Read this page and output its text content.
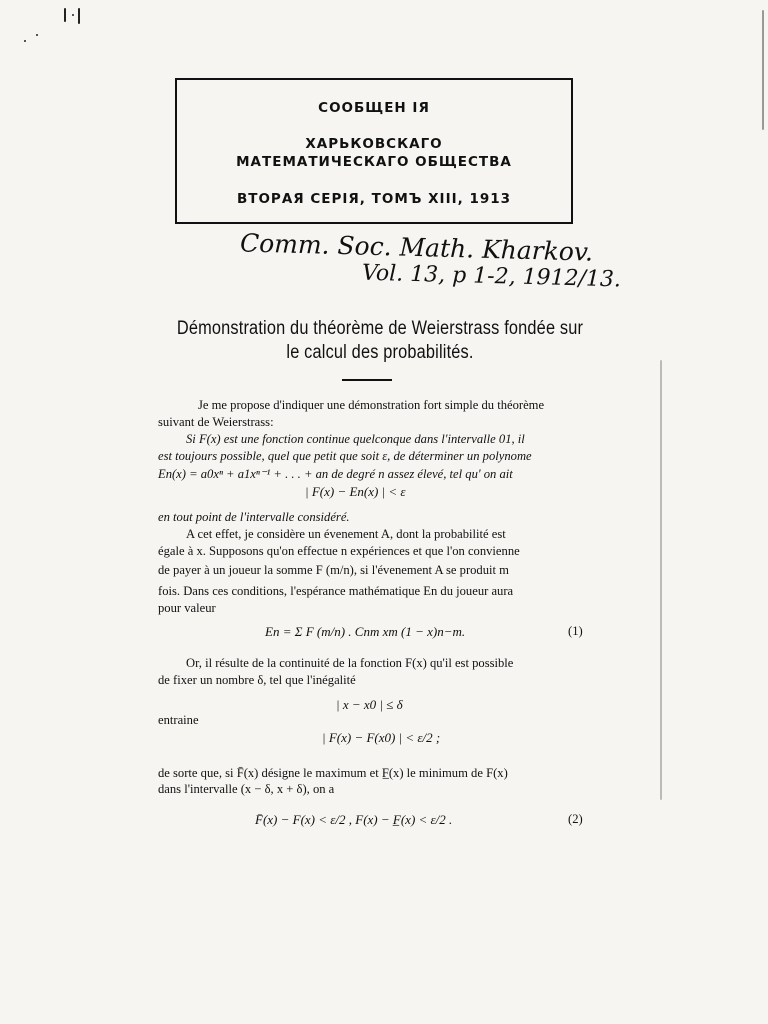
СООБЩЕН ІЯ
ХАРЬКОВСКАГО
МАТЕМАТИЧЕСКАГО ОБЩЕСТВА
ВТОРАЯ СЕРІЯ, ТОМЪ XIII, 1913
Comm. Soc. Math. Kharkov.
Vol. 13, p 1-2, 1912/13.
Démonstration du théorème de Weierstrass fondée sur
le calcul des probabilités.
Je me propose d'indiquer une démonstration fort simple du théorème
suivant de Weierstrass:
Si F(x) est une fonction continue quelconque dans l'intervalle 01, il
est toujours possible, quel que petit que soit ε, de déterminer un polynome
En(x) = a0xⁿ + a1xⁿ⁻¹ + . . . + an de degré n assez élevé, tel qu' on ait
| F(x) − En(x) | < ε
en tout point de l'intervalle considéré.
A cet effet, je considère un évenement A, dont la probabilité est
égale à x. Supposons qu'on effectue n expériences et que l'on convienne
de payer à un joueur la somme F (m/n), si l'évenement A se produit m
fois. Dans ces conditions, l'espérance mathématique En du joueur aura
pour valeur
En = Σ F (m/n) . Cnm xm (1 − x)n−m.	(1)
Or, il résulte de la continuité de la fonction F(x) qu'il est possible
de fixer un nombre δ, tel que l'inégalité
| x − x0 | ≤ δ
entraine
| F(x) − F(x0) | < ε/2 ;
de sorte que, si F̄(x) désigne le maximum et F̲(x) le minimum de F(x)
dans l'intervalle (x − δ, x + δ), on a
F̄(x) − F(x) < ε/2 , F(x) − F̲(x) < ε/2 .	(2)
